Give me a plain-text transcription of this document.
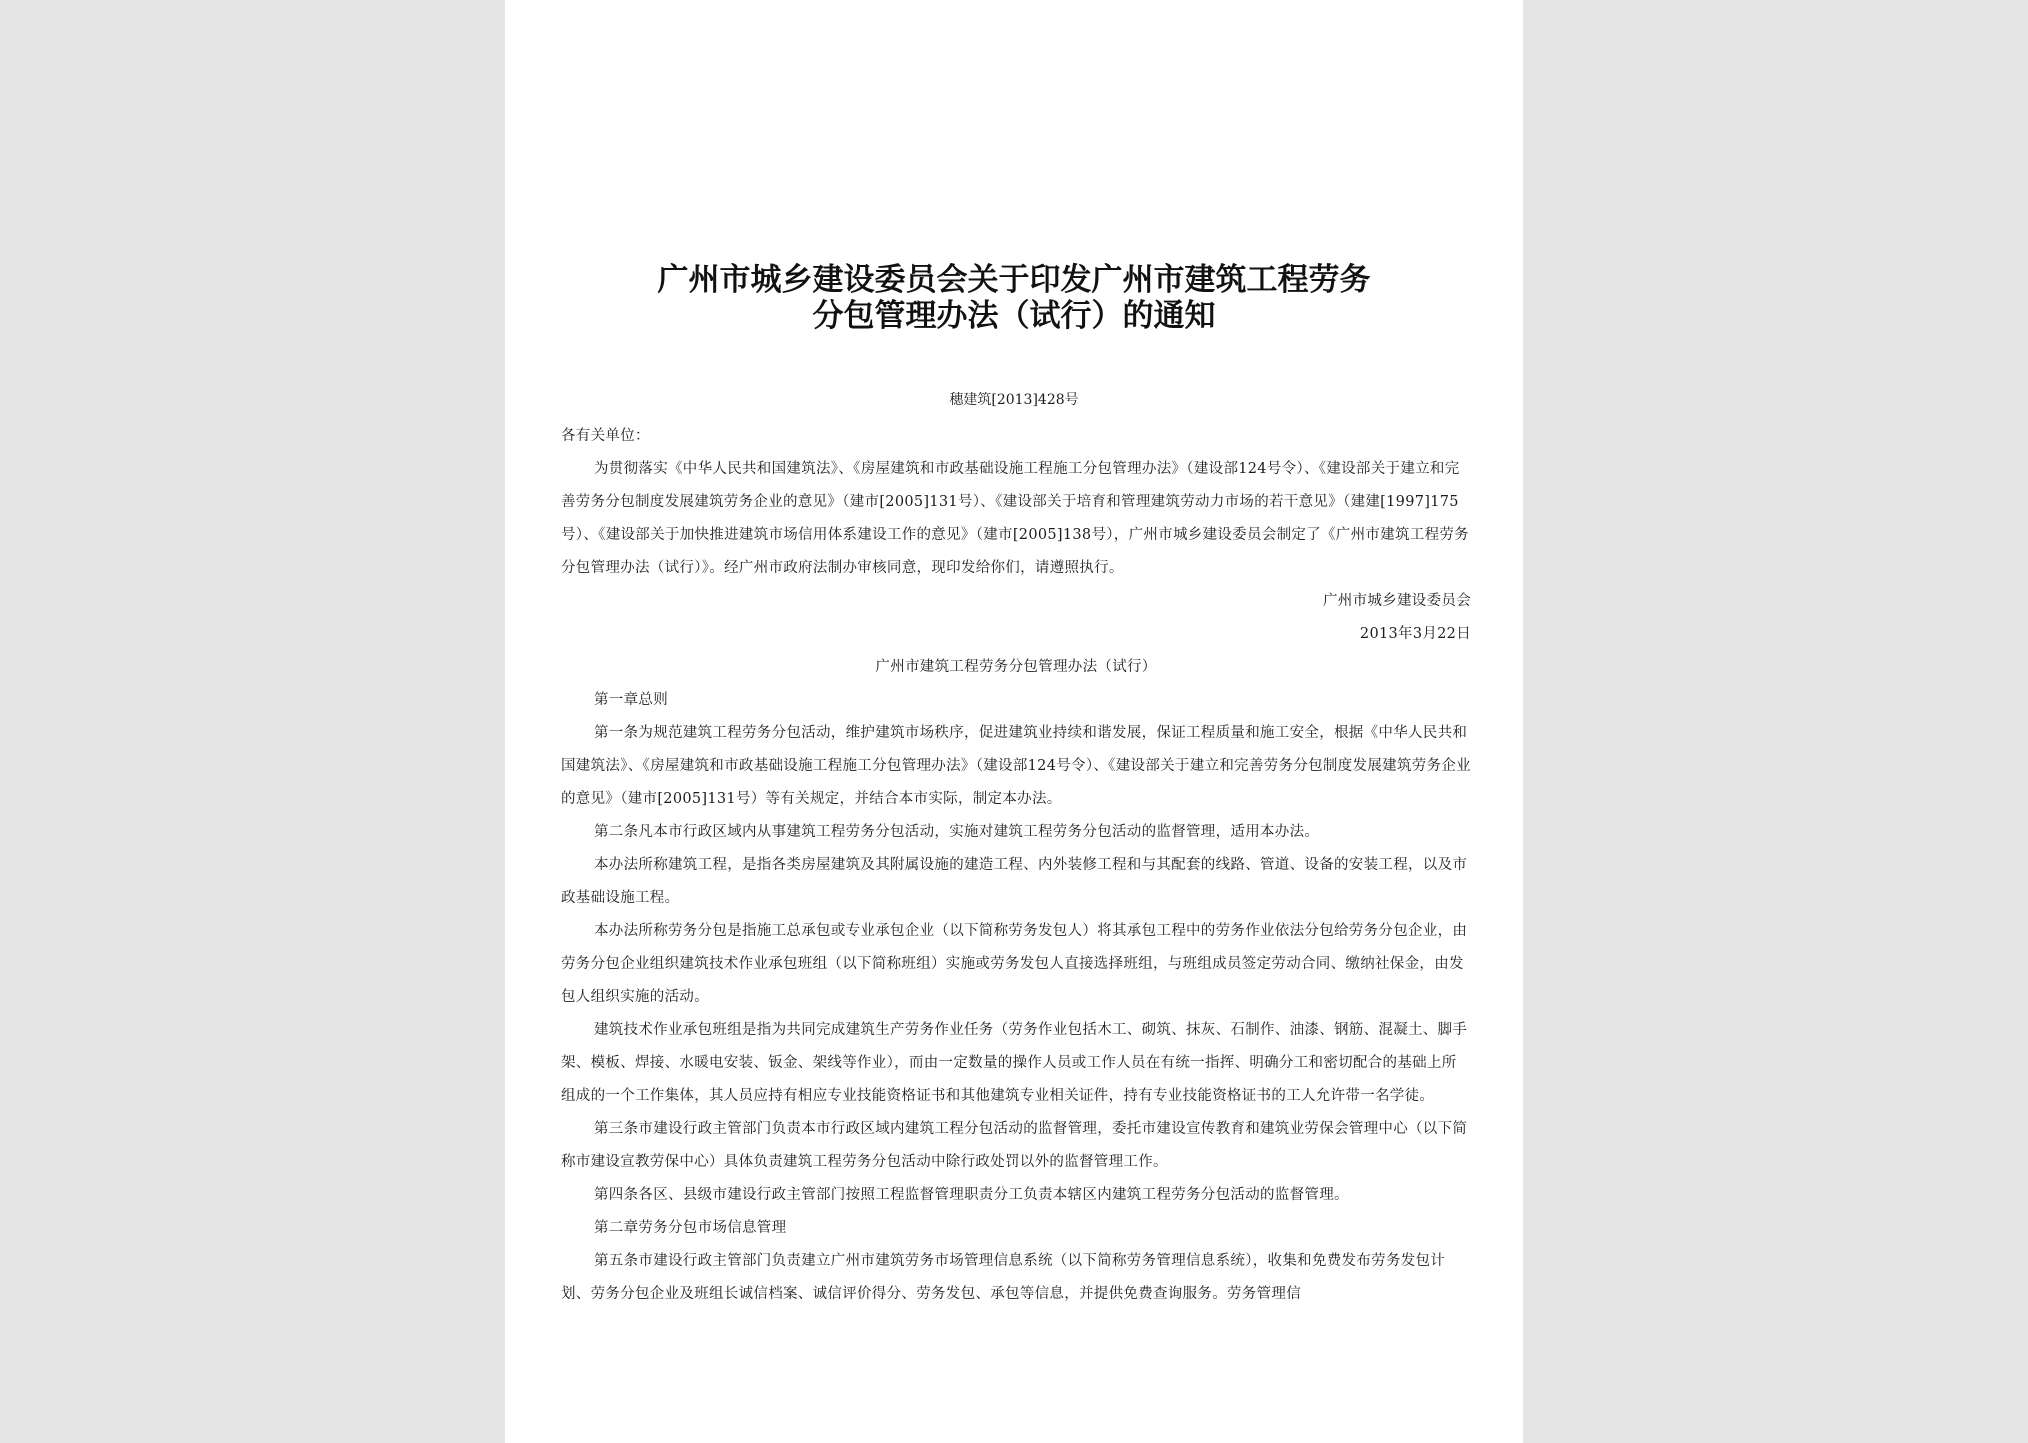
广州市城乡建设委员会关于印发广州市建筑工程劳务
分包管理办法（试行）的通知
穗建筑[2013]428号

各有关单位：

为贯彻落实《中华人民共和国建筑法》、《房屋建筑和市政基础设施工程施工分包管理办法》（建设部124号令）、《建设部关于建立和完善劳务分包制度发展建筑劳务企业的意见》（建市[2005]131号）、《建设部关于培育和管理建筑劳动力市场的若干意见》（建建[1997]175号）、《建设部关于加快推进建筑市场信用体系建设工作的意见》（建市[2005]138号），广州市城乡建设委员会制定了《广州市建筑工程劳务分包管理办法（试行）》。经广州市政府法制办审核同意，现印发给你们，请遵照执行。

广州市城乡建设委员会

2013年3月22日

广州市建筑工程劳务分包管理办法（试行）

第一章总则

第一条为规范建筑工程劳务分包活动，维护建筑市场秩序，促进建筑业持续和谐发展，保证工程质量和施工安全，根据《中华人民共和国建筑法》、《房屋建筑和市政基础设施工程施工分包管理办法》（建设部124号令）、《建设部关于建立和完善劳务分包制度发展建筑劳务企业的意见》（建市[2005]131号）等有关规定，并结合本市实际，制定本办法。

第二条凡本市行政区域内从事建筑工程劳务分包活动，实施对建筑工程劳务分包活动的监督管理，适用本办法。

本办法所称建筑工程，是指各类房屋建筑及其附属设施的建造工程、内外装修工程和与其配套的线路、管道、设备的安装工程，以及市政基础设施工程。

本办法所称劳务分包是指施工总承包或专业承包企业（以下简称劳务发包人）将其承包工程中的劳务作业依法分包给劳务分包企业，由劳务分包企业组织建筑技术作业承包班组（以下简称班组）实施或劳务发包人直接选择班组，与班组成员签定劳动合同、缴纳社保金，由发包人组织实施的活动。

建筑技术作业承包班组是指为共同完成建筑生产劳务作业任务（劳务作业包括木工、砌筑、抹灰、石制作、油漆、钢筋、混凝土、脚手架、模板、焊接、水暖电安装、钣金、架线等作业），而由一定数量的操作人员或工作人员在有统一指挥、明确分工和密切配合的基础上所组成的一个工作集体，其人员应持有相应专业技能资格证书和其他建筑专业相关证件，持有专业技能资格证书的工人允许带一名学徒。

第三条市建设行政主管部门负责本市行政区域内建筑工程分包活动的监督管理，委托市建设宣传教育和建筑业劳保会管理中心（以下简称市建设宣教劳保中心）具体负责建筑工程劳务分包活动中除行政处罚以外的监督管理工作。

第四条各区、县级市建设行政主管部门按照工程监督管理职责分工负责本辖区内建筑工程劳务分包活动的监督管理。

第二章劳务分包市场信息管理

第五条市建设行政主管部门负责建立广州市建筑劳务市场管理信息系统（以下简称劳务管理信息系统），收集和免费发布劳务发包计划、劳务分包企业及班组长诚信档案、诚信评价得分、劳务发包、承包等信息，并提供免费查询服务。劳务管理信
